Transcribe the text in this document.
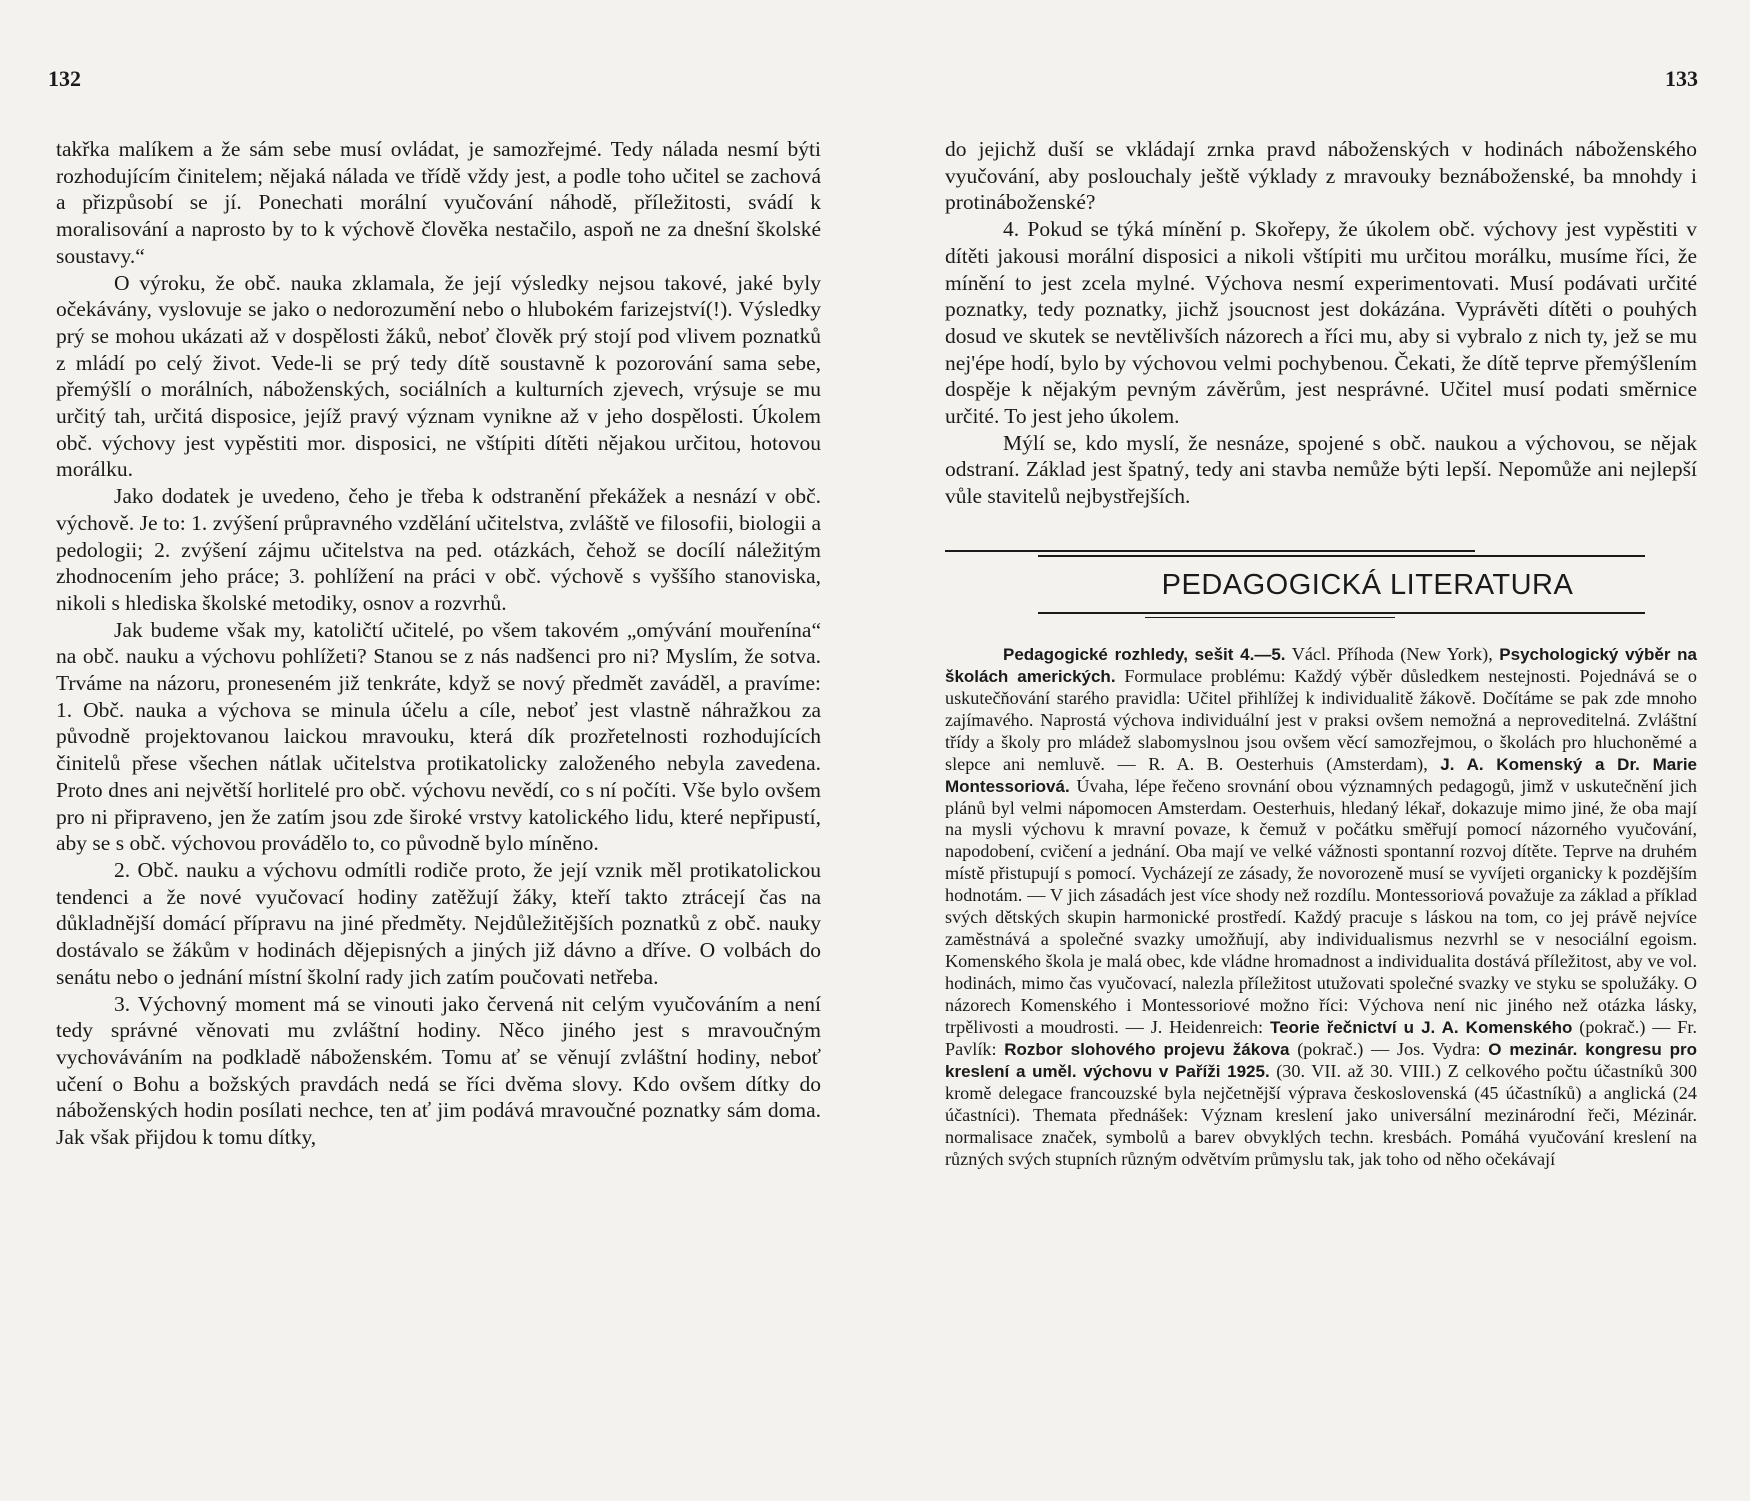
132	133

takřka malíkem a že sám sebe musí ovládat, je samozřejmé. Tedy nálada nesmí býti rozhodujícím činitelem; nějaká nálada ve třídě vždy jest, a podle toho učitel se zachová a přizpůsobí se jí. Ponechati morální vyučování náhodě, příležitosti, svádí k moralisování a naprosto by to k výchově člověka nestačilo, aspoň ne za dnešní školské soustavy.“

O výroku, že obč. nauka zklamala, že její výsledky nejsou takové, jaké byly očekávány, vyslovuje se jako o nedorozumění nebo o hlubokém farizejství(!). Výsledky prý se mohou ukázati až v dospělosti žáků, neboť člověk prý stojí pod vlivem poznatků z mládí po celý život. Vede-li se prý tedy dítě soustavně k pozorování sama sebe, přemýšlí o morálních, náboženských, sociálních a kulturních zjevech, vrýsuje se mu určitý tah, určitá disposice, jejíž pravý význam vynikne až v jeho dospělosti. Úkolem obč. výchovy jest vypěstiti mor. disposici, ne vštípiti dítěti nějakou určitou, hotovou morálku.

Jako dodatek je uvedeno, čeho je třeba k odstranění překážek a nesnází v obč. výchově. Je to: 1. zvýšení průpravného vzdělání učitelstva, zvláště ve filosofii, biologii a pedologii; 2. zvýšení zájmu učitelstva na ped. otázkách, čehož se docílí náležitým zhodnocením jeho práce; 3. pohlížení na práci v obč. výchově s vyššího stanoviska, nikoli s hlediska školské metodiky, osnov a rozvrhů.

Jak budeme však my, katoličtí učitelé, po všem takovém „omývání mouřenína“ na obč. nauku a výchovu pohlížeti? Stanou se z nás nadšenci pro ni? Myslím, že sotva. Trváme na názoru, proneseném již tenkráte, když se nový předmět zaváděl, a pravíme: 1. Obč. nauka a výchova se minula účelu a cíle, neboť jest vlastně náhražkou za původně projektovanou laickou mravouku, která dík prozřetelnosti rozhodujících činitelů přese všechen nátlak učitelstva protikatolicky založeného nebyla zavedena. Proto dnes ani největší horlitelé pro obč. výchovu nevědí, co s ní počíti. Vše bylo ovšem pro ni připraveno, jen že zatím jsou zde široké vrstvy katolického lidu, které nepřipustí, aby se s obč. výchovou provádělo to, co původně bylo míněno.

2. Obč. nauku a výchovu odmítli rodiče proto, že její vznik měl protikatolickou tendenci a že nové vyučovací hodiny zatěžují žáky, kteří takto ztrácejí čas na důkladnější domácí přípravu na jiné předměty. Nejdůležitějších poznatků z obč. nauky dostávalo se žákům v hodinách dějepisných a jiných již dávno a dříve. O volbách do senátu nebo o jednání místní školní rady jich zatím poučovati netřeba.

3. Výchovný moment má se vinouti jako červená nit celým vyučováním a není tedy správné věnovati mu zvláštní hodiny. Něco jiného jest s mravoučným vychováváním na podkladě náboženském. Tomu ať se věnují zvláštní hodiny, neboť učení o Bohu a božských pravdách nedá se říci dvěma slovy. Kdo ovšem dítky do náboženských hodin posílati nechce, ten ať jim podává mravoučné poznatky sám doma. Jak však přijdou k tomu dítky,

do jejichž duší se vkládají zrnka pravd náboženských v hodinách náboženského vyučování, aby poslouchaly ještě výklady z mravouky beznáboženské, ba mnohdy i protináboženské?

4. Pokud se týká mínění p. Skořepy, že úkolem obč. výchovy jest vypěstiti v dítěti jakousi morální disposici a nikoli vštípiti mu určitou morálku, musíme říci, že mínění to jest zcela mylné. Výchova nesmí experimentovati. Musí podávati určité poznatky, tedy poznatky, jichž jsoucnost jest dokázána. Vyprávěti dítěti o pouhých dosud ve skutek se nevtělivších názorech a říci mu, aby si vybralo z nich ty, jež se mu nej'épe hodí, bylo by výchovou velmi pochybenou. Čekati, že dítě teprve přemýšlením dospěje k nějakým pevným závěrům, jest nesprávné. Učitel musí podati směrnice určité. To jest jeho úkolem.

Mýlí se, kdo myslí, že nesnáze, spojené s obč. naukou a výchovou, se nějak odstraní. Základ jest špatný, tedy ani stavba nemůže býti lepší. Nepomůže ani nejlepší vůle stavitelů nejbystřejších.

PEDAGOGICKÁ LITERATURA

Pedagogické rozhledy, sešit 4.—5. Václ. Příhoda (New York), Psychologický výběr na školách amerických. Formulace problému: Každý výběr důsledkem nestejnosti. Pojednává se o uskutečňování starého pravidla: Učitel přihlížej k individualitě žákově. Dočítáme se pak zde mnoho zajímavého. Naprostá výchova individuální jest v praksi ovšem nemožná a neproveditelná. Zvláštní třídy a školy pro mládež slabomyslnou jsou ovšem věcí samozřejmou, o školách pro hluchoněmé a slepce ani nemluvě. — R. A. B. Oesterhuis (Amsterdam), J. A. Komenský a Dr. Marie Montessoriová. Úvaha, lépe řečeno srovnání obou významných pedagogů, jimž v uskutečnění jich plánů byl velmi nápomocen Amsterdam. Oesterhuis, hledaný lékař, dokazuje mimo jiné, že oba mají na mysli výchovu k mravní povaze, k čemuž v počátku směřují pomocí názorného vyučování, napodobení, cvičení a jednání. Oba mají ve velké vážnosti spontanní rozvoj dítěte. Teprve na druhém místě přistupují s pomocí. Vycházejí ze zásady, že novorozeně musí se vyvíjeti organicky k pozdějším hodnotám. — V jich zásadách jest více shody než rozdílu. Montessoriová považuje za základ a příklad svých dětských skupin harmonické prostředí. Každý pracuje s láskou na tom, co jej právě nejvíce zaměstnává a společné svazky umožňují, aby individualismus nezvrhl se v nesociální egoism. Komenského škola je malá obec, kde vládne hromadnost a individualita dostává příležitost, aby ve vol. hodinách, mimo čas vyučovací, nalezla příležitost utužovati společné svazky ve styku se spolužáky. O názorech Komenského i Montessoriové možno říci: Výchova není nic jiného než otázka lásky, trpělivosti a moudrosti. — J. Heidenreich: Teorie řečnictví u J. A. Komenského (pokrač.) — Fr. Pavlík: Rozbor slohového projevu žákova (pokrač.) — Jos. Vydra: O mezinár. kongresu pro kreslení a uměl. výchovu v Paříži 1925. (30. VII. až 30. VIII.) Z celkového počtu účastníků 300 kromě delegace francouzské byla nejčetnější výprava československá (45 účastníků) a anglická (24 účastníci). Themata přednášek: Význam kreslení jako universální mezinárodní řeči, Mézinár. normalisace značek, symbolů a barev obvyklých techn. kresbách. Pomáhá vyučování kreslení na různých svých stupních různým odvětvím průmyslu tak, jak toho od něho očekávají
